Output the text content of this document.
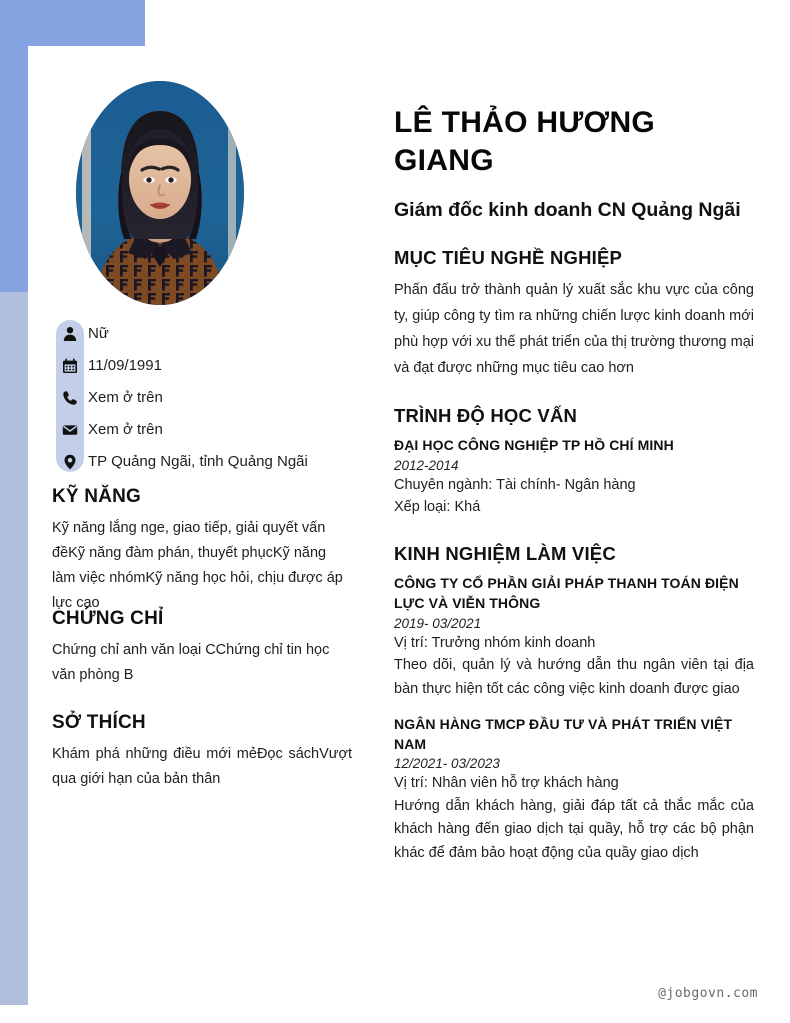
Nữ
11/09/1991
Xem ở trên
Xem ở trên
TP Quảng Ngãi, tỉnh Quảng Ngãi
KỸ NĂNG

Kỹ năng lắng nge, giao tiếp, giải quyết vấn đềKỹ năng đàm phán, thuyết phụcKỹ năng làm việc nhómKỹ năng học hỏi, chịu được áp lực cao

CHỨNG CHỈ

Chứng chỉ anh văn loại CChứng chỉ tin học văn phòng B

SỞ THÍCH

Khám phá những điều mới mẻĐọc sáchVượt qua giới hạn của bản thân

LÊ THẢO HƯƠNG GIANG
Giám đốc kinh doanh CN Quảng Ngãi
MỤC TIÊU NGHỀ NGHIỆP

Phấn đấu trở thành quản lý xuất sắc khu vực của công ty, giúp công ty tìm ra những chiến lược kinh doanh mới phù hợp với xu thế phát triển của thị trường thương mại và đạt được những mục tiêu cao hơn

TRÌNH ĐỘ HỌC VẤN

ĐẠI HỌC CÔNG NGHIỆP TP HỒ CHÍ MINH

2012-2014

Chuyên ngành: Tài chính- Ngân hàng

Xếp loại: Khá

KINH NGHIỆM LÀM VIỆC

CÔNG TY CỔ PHẦN GIẢI PHÁP THANH TOÁN ĐIỆN LỰC VÀ VIỄN THÔNG

2019- 03/2021

Vị trí: Trưởng nhóm kinh doanh

Theo dõi, quản lý và hướng dẫn thu ngân viên tại địa bàn thực hiện tốt các công việc kinh doanh được giao

NGÂN HÀNG TMCP ĐẦU TƯ VÀ PHÁT TRIỂN VIỆT NAM

12/2021- 03/2023

Vị trí: Nhân viên hỗ trợ khách hàng

Hướng dẫn khách hàng, giải đáp tất cả thắc mắc của khách hàng đến giao dịch tại quầy, hỗ trợ các bộ phận khác để đảm bảo hoạt động của quầy giao dịch

@jobgovn.com
